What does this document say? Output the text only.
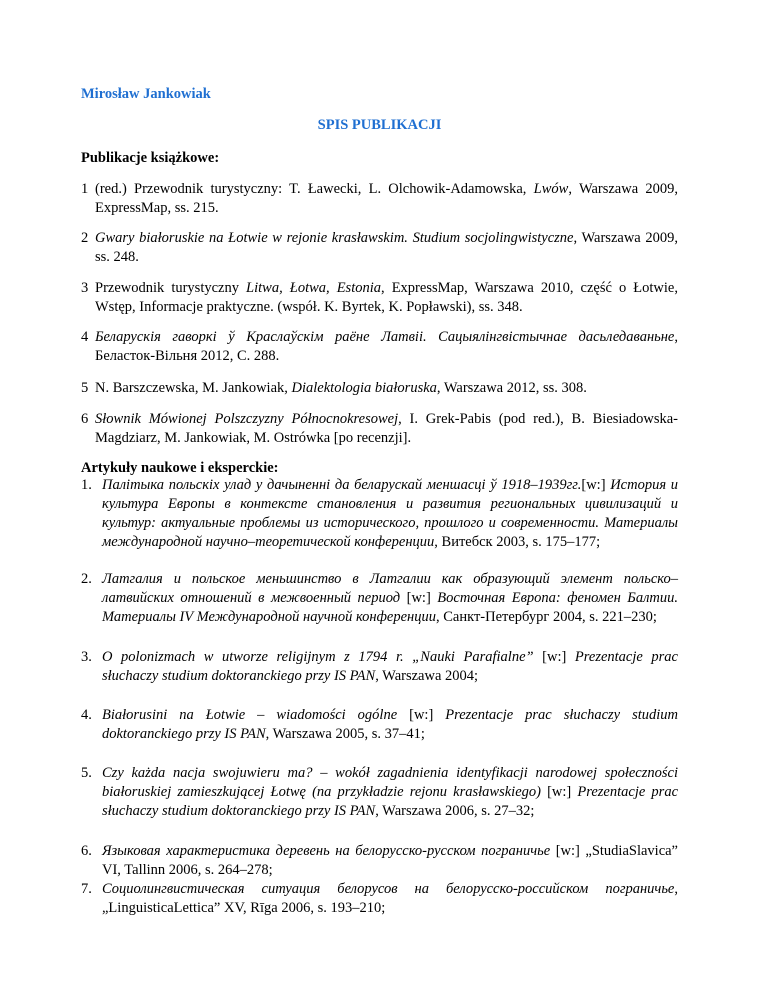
Mirosław Jankowiak
SPIS PUBLIKACJI
Publikacje książkowe:
1 (red.) Przewodnik turystyczny: T. Ławecki, L. Olchowik-Adamowska, Lwów, Warszawa 2009, ExpressMap, ss. 215.
2 Gwary białoruskie na Łotwie w rejonie krasławskim. Studium socjolingwistyczne, Warszawa 2009, ss. 248.
3 Przewodnik turystyczny Litwa, Łotwa, Estonia, ExpressMap, Warszawa 2010, część o Łotwie, Wstęp, Informacje praktyczne. (współ. K. Byrtek, K. Popławski), ss. 348.
4 Беларускія гаворкі ў Краслаўскім раёне Латвіі. Сацыялінгвістычнае дасьледаваньне, Беласток-Вільня 2012, С. 288.
5 N. Barszczewska, M. Jankowiak, Dialektologia białoruska, Warszawa 2012, ss. 308.
6 Słownik Mówionej Polszczyzny Północnokresowej, I. Grek-Pabis (pod red.), B. Biesiadowska-Magdziarz, M. Jankowiak, M. Ostrówka [po recenzji].
Artykuły naukowe i eksperckie:
1. Палітыка польскіх улад у дачыненні да беларускай меншасці ў 1918–1939гг.[w:] История и культура Европы в контексте становления и развития региональных цивилизаций и культур: актуальные проблемы из исторического, прошлого и современности. Материалы международной научно–теоретической конференции, Витебск 2003, s. 175–177;
2. Латгалия и польское меньшинство в Латгалии как образующий элемент польско–латвийских отношений в межвоенный период [w:] Восточная Европа: феномен Балтии. Материалы IV Международной научной конференции, Санкт-Петербург 2004, s. 221–230;
3. O polonizmach w utworze religijnym z 1794 r. „Nauki Parafialne” [w:] Prezentacje prac słuchaczy studium doktoranckiego przy IS PAN, Warszawa 2004;
4. Białorusini na Łotwie – wiadomości ogólne [w:] Prezentacje prac słuchaczy studium doktoranckiego przy IS PAN, Warszawa 2005, s. 37–41;
5. Czy każda nacja swojuwieru ma? – wokół zagadnienia identyfikacji narodowej społeczności białoruskiej zamieszkującej Łotwę (na przykładzie rejonu krasławskiego) [w:] Prezentacje prac słuchaczy studium doktoranckiego przy IS PAN, Warszawa 2006, s. 27–32;
6. Языковая характеристика деревень на белорусско-русском пограничье [w:] „StudiaSlavica” VI, Tallinn 2006, s. 264–278;
7. Социолингвистическая ситуация белорусов на белорусско-российском пограничье, „LinguisticaLettica” XV, Rīga 2006, s. 193–210;
